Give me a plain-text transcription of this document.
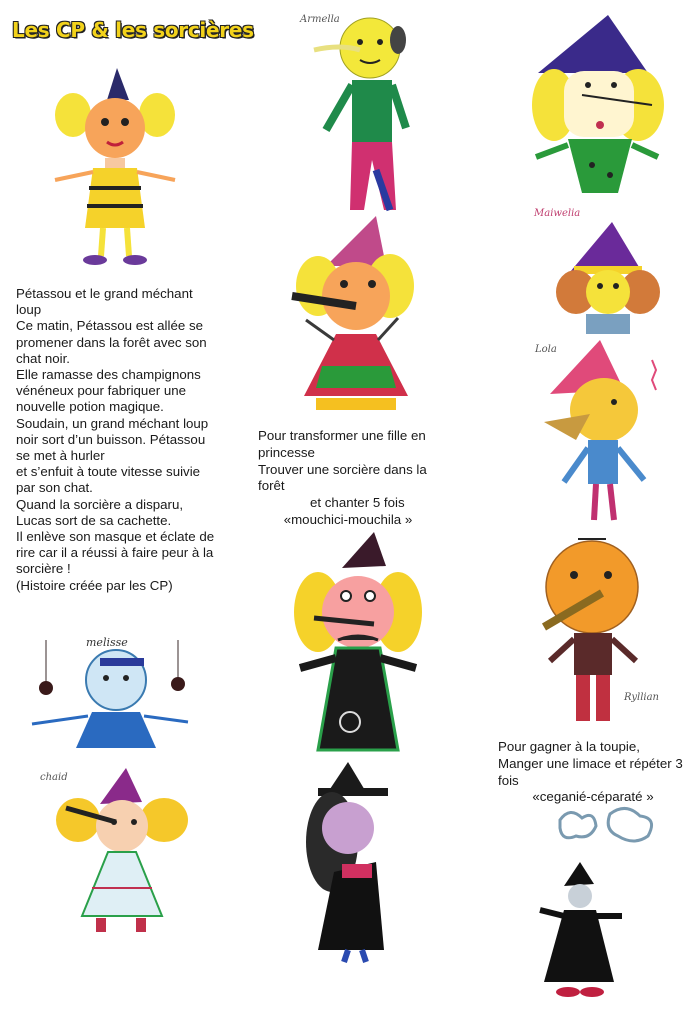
Les CP & les sorcières

Pétassou et le grand méchant

loup

Ce matin, Pétassou est allée se

promener dans la forêt avec son

chat noir.

Elle ramasse des champignons

vénéneux pour fabriquer une

nouvelle potion magique.

Soudain, un grand méchant loup

noir sort d’un buisson. Pétassou

se met à hurler

et s’enfuit à toute vitesse suivie

par son chat.

Quand la sorcière a disparu,

Lucas sort de sa cachette.

Il enlève son masque et éclate de

rire car il a réussi à faire peur à la

sorcière !

(Histoire créée par les CP)

Pour transformer une fille en

princesse

Trouver une sorcière dans la

forêt

et chanter 5 fois

«mouchici-mouchila »

Pour gagner à la toupie,

Manger une limace et répéter 3

fois

«ceganié-céparaté »

Armella
melisse
Lola
Ryllian
chaid
Maiwelia
